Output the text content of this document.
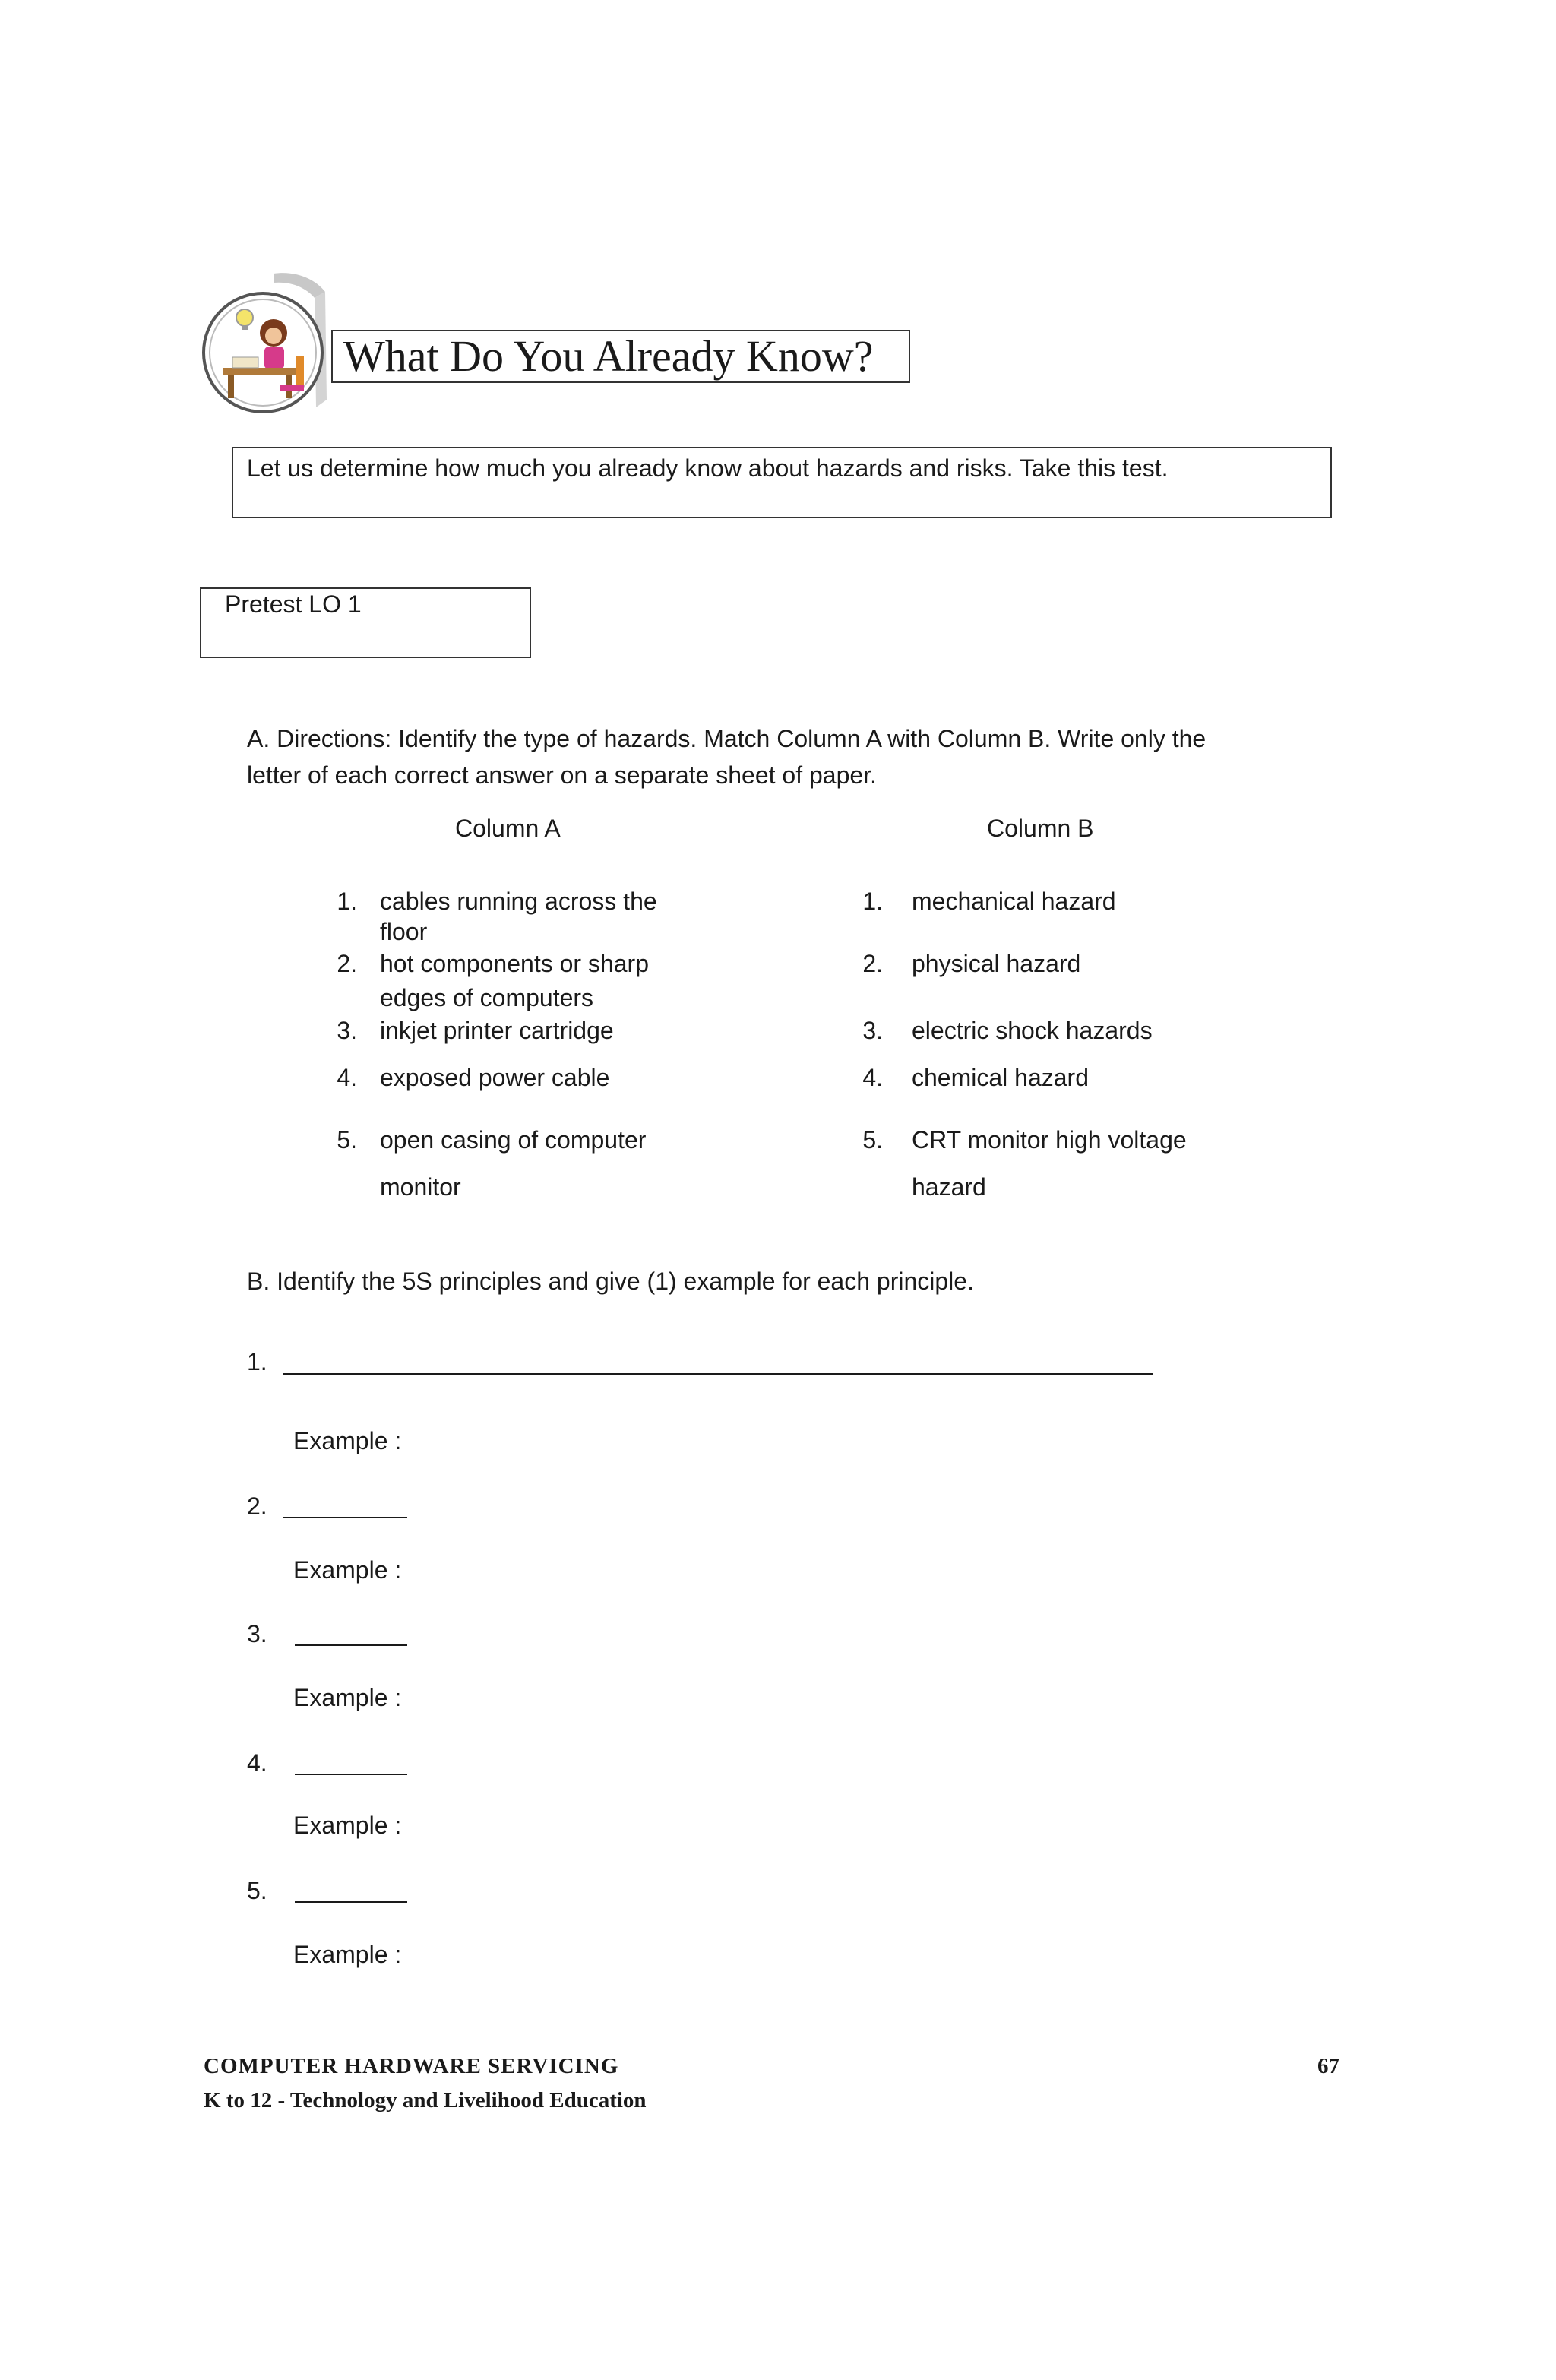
What Do You Already Know?
Let us determine how much you already know about hazards and risks. Take this test.
Pretest LO 1
A. Directions: Identify the type of hazards. Match Column A with Column B. Write only the
letter of each correct answer on a separate sheet of paper.
Column A	Column B
1. cables running across the
floor
2. hot components or sharp
edges of computers
3. inkjet printer cartridge
4. exposed power cable
5. open casing of computer
monitor
1. mechanical hazard
2. physical hazard
3. electric shock hazards
4. chemical hazard
5. CRT monitor high voltage
hazard
B. Identify the 5S principles and give (1) example for each principle.
1.
Example :
2.
Example :
3.
Example :
4.
Example :
5.
Example :
COMPUTER HARDWARE SERVICING
K to 12 - Technology and Livelihood Education
67
